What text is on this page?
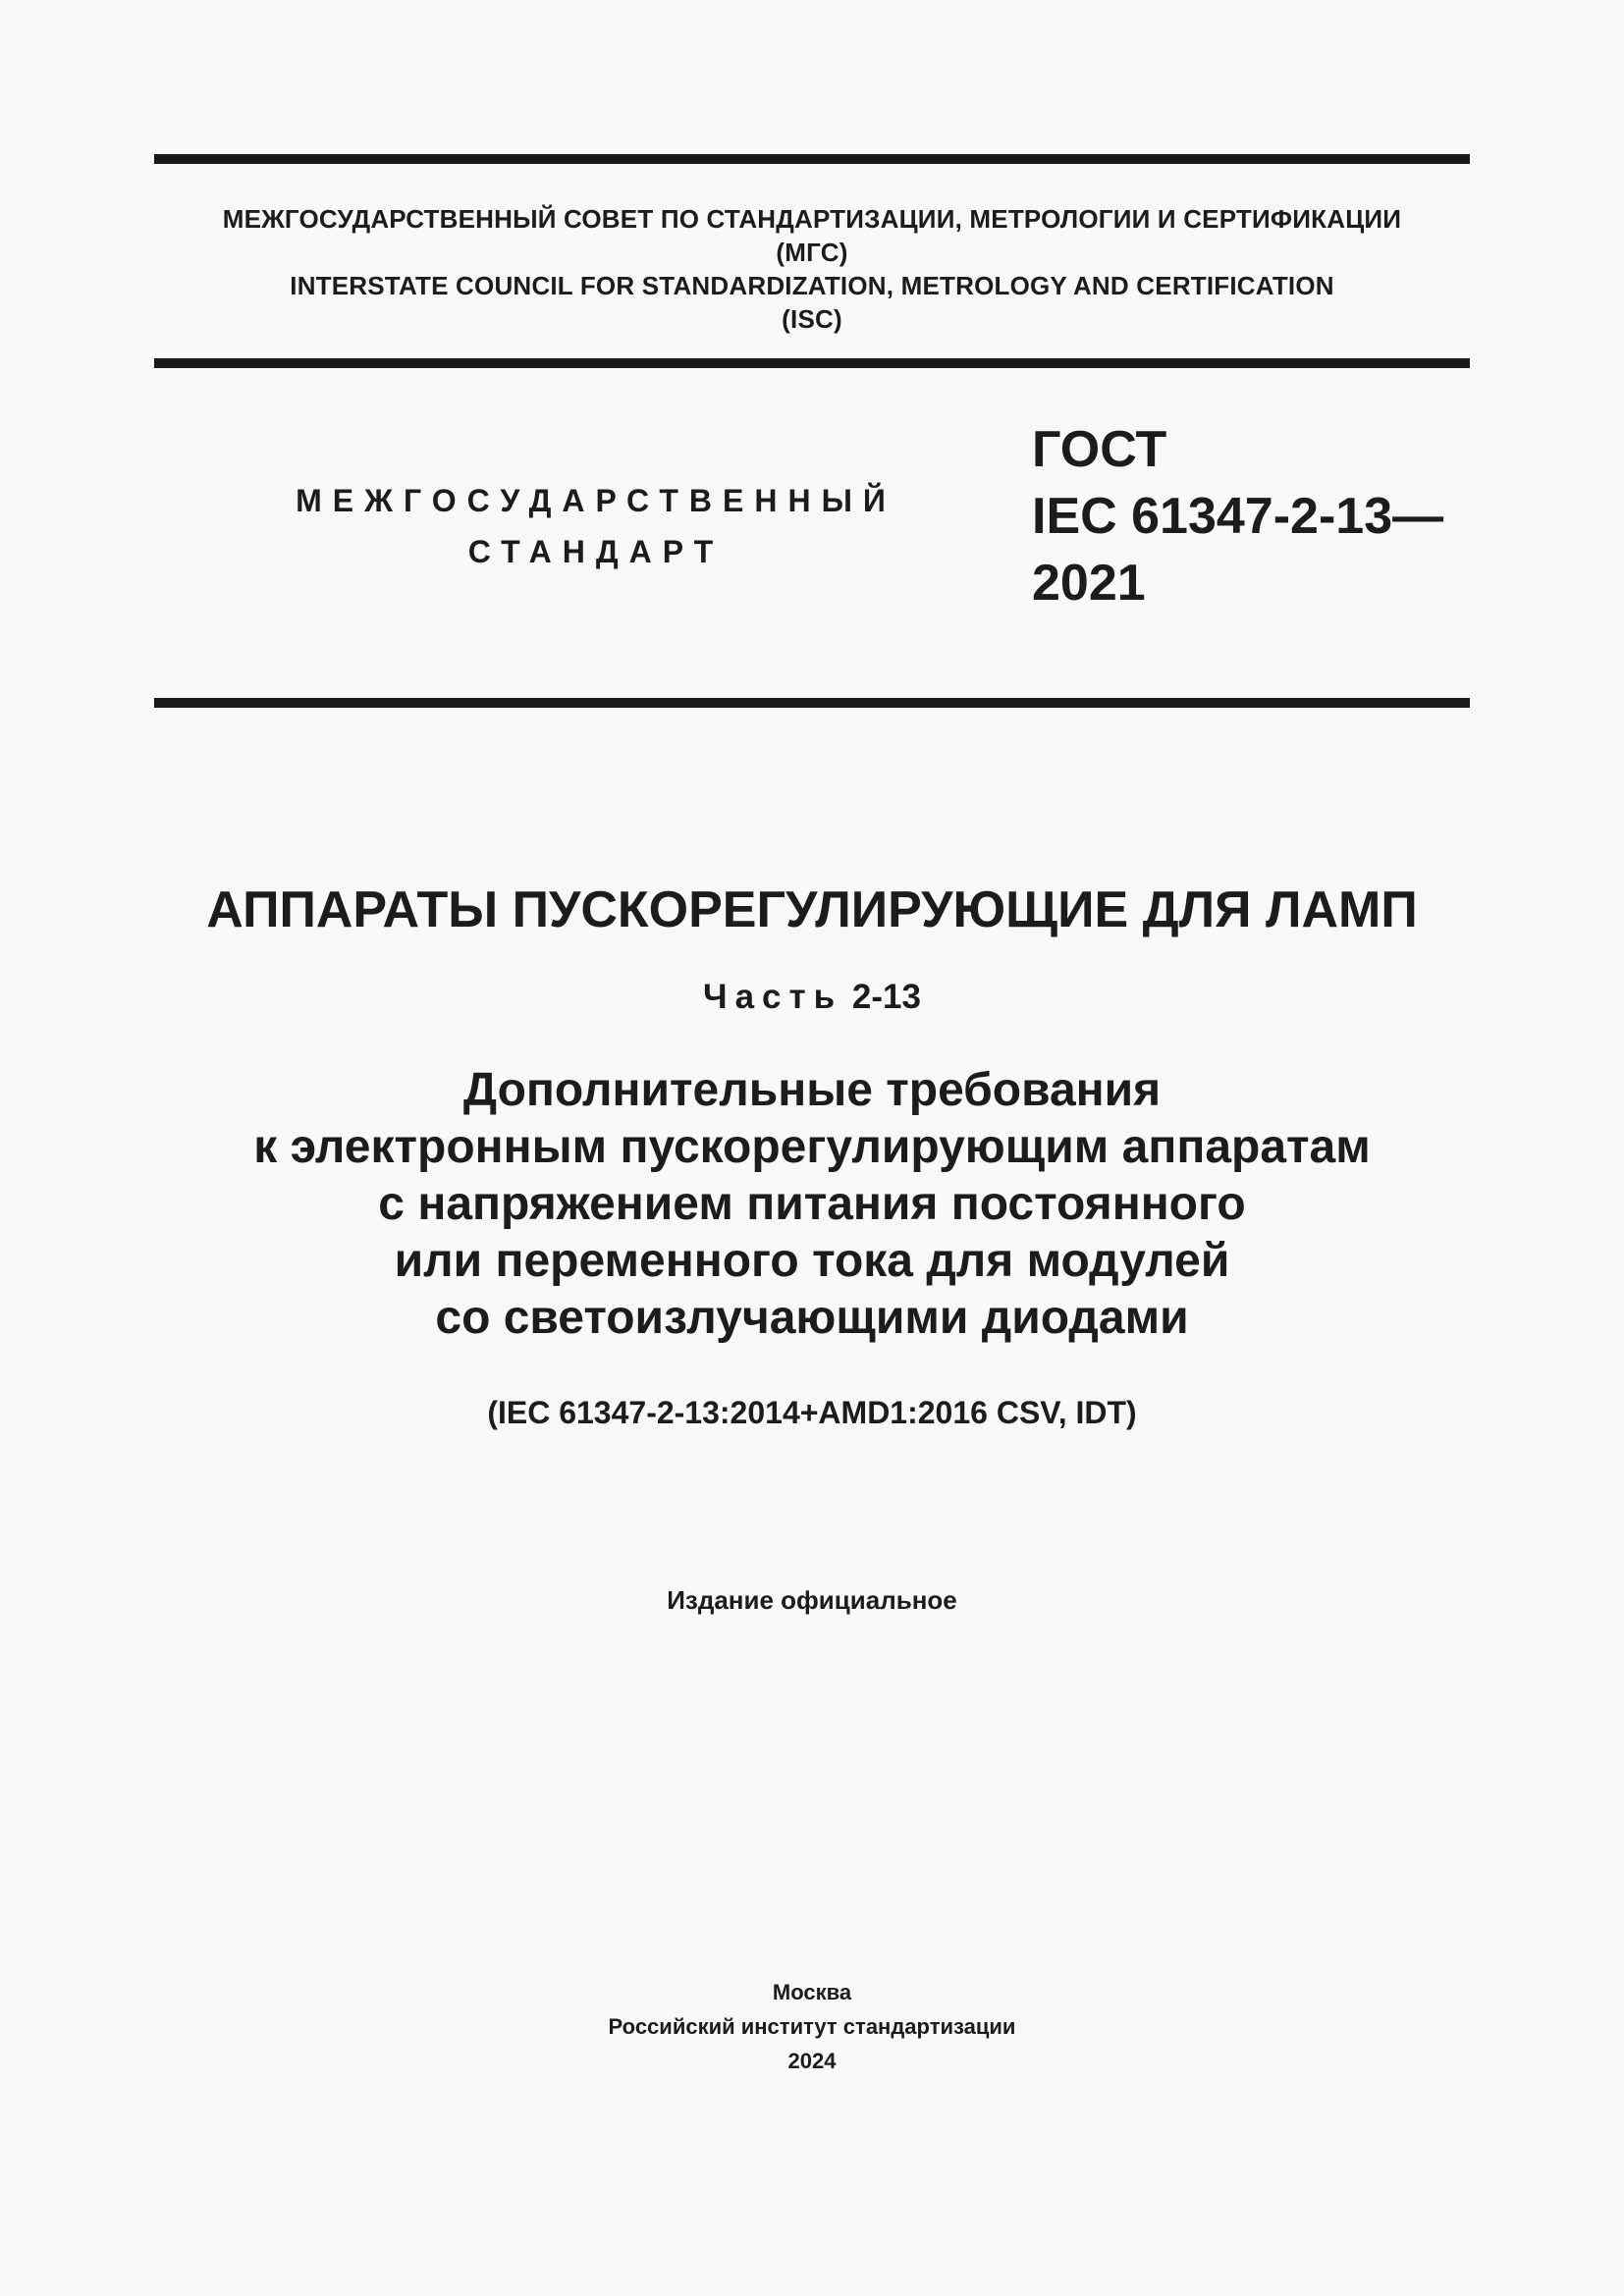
МЕЖГОСУДАРСТВЕННЫЙ СОВЕТ ПО СТАНДАРТИЗАЦИИ, МЕТРОЛОГИИ И СЕРТИФИКАЦИИ
(МГС)
INTERSTATE COUNCIL FOR STANDARDIZATION, METROLOGY AND CERTIFICATION
(ISC)
МЕЖГОСУДАРСТВЕННЫЙ
СТАНДАРТ
ГОСТ
IEC 61347-2-13—
2021
АППАРАТЫ ПУСКОРЕГУЛИРУЮЩИЕ ДЛЯ ЛАМП
Часть 2-13
Дополнительные требования
к электронным пускорегулирующим аппаратам
с напряжением питания постоянного
или переменного тока для модулей
со светоизлучающими диодами
(IEC 61347-2-13:2014+AMD1:2016 CSV, IDT)
Издание официальное
Москва
Российский институт стандартизации
2024
